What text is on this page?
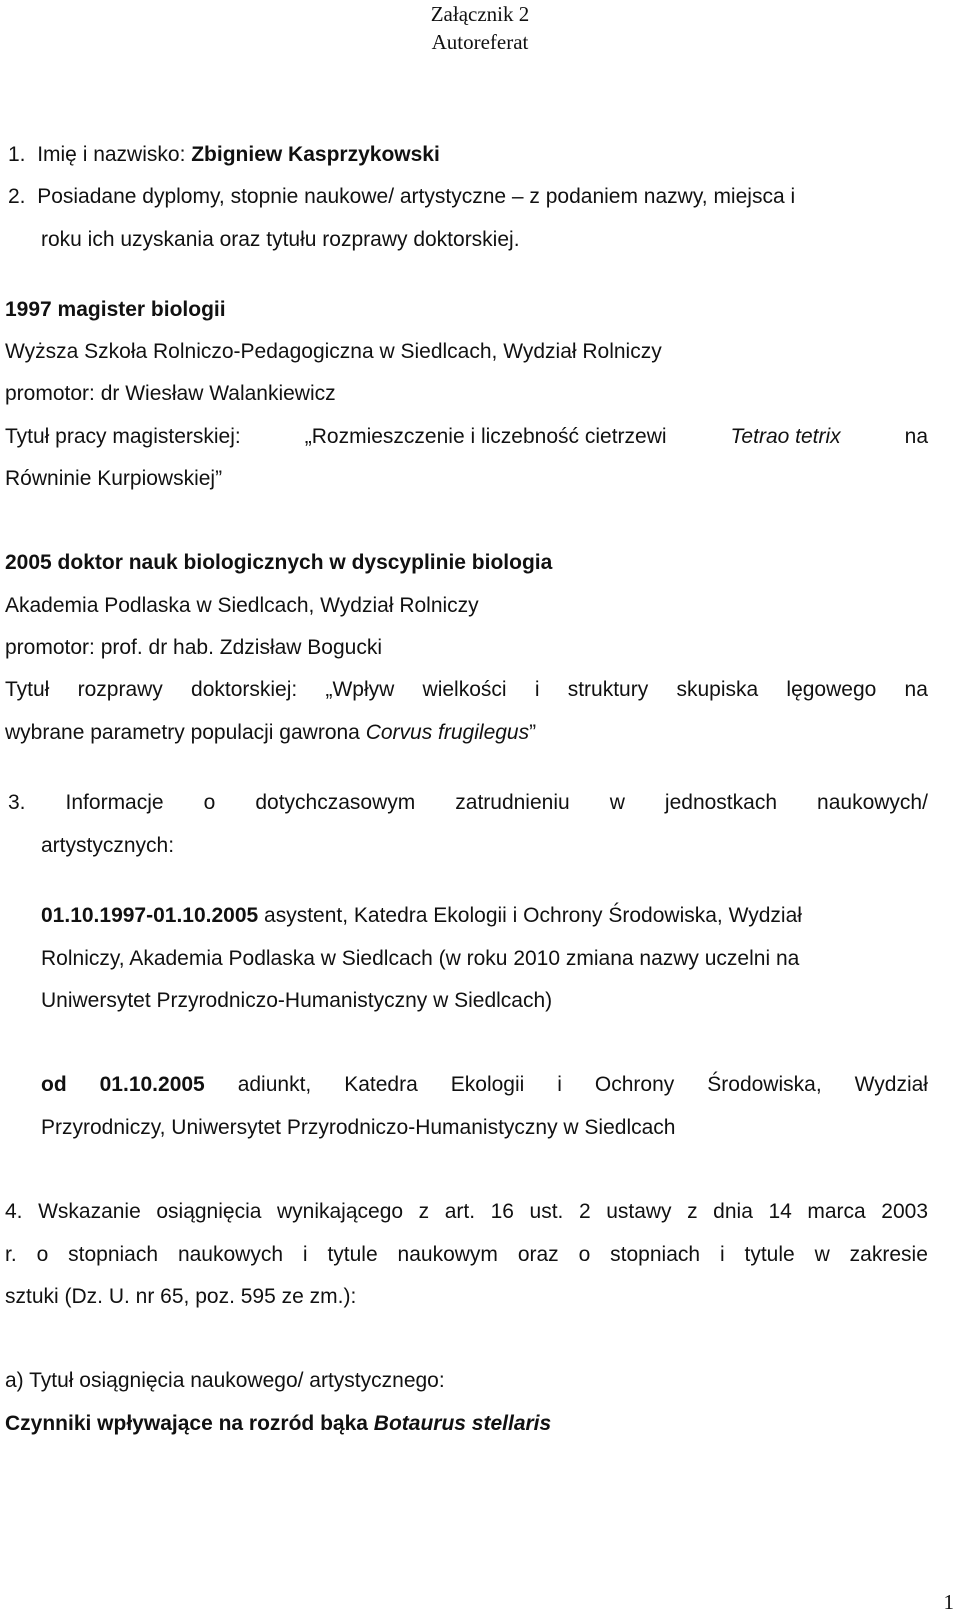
Załącznik 2
Autoreferat
1. Imię i nazwisko: Zbigniew Kasprzykowski
2. Posiadane dyplomy, stopnie naukowe/ artystyczne – z podaniem nazwy, miejsca i
roku ich uzyskania oraz tytułu rozprawy doktorskiej.
1997 magister biologii
Wyższa Szkoła Rolniczo-Pedagogiczna w Siedlcach, Wydział Rolniczy
promotor: dr Wiesław Walankiewicz
Tytuł pracy magisterskiej:	„Rozmieszczenie i liczebność cietrzewi	Tetrao tetrix	na
Równinie Kurpiowskiej”
2005 doktor nauk biologicznych w dyscyplinie biologia
Akademia Podlaska w Siedlcach, Wydział Rolniczy
promotor: prof. dr hab. Zdzisław Bogucki
Tytuł rozprawy doktorskiej: „Wpływ wielkości i struktury skupiska lęgowego na
wybrane parametry populacji gawrona Corvus frugilegus”
3. Informacje o dotychczasowym zatrudnieniu w jednostkach naukowych/
artystycznych:
01.10.1997-01.10.2005 asystent, Katedra Ekologii i Ochrony Środowiska, Wydział
Rolniczy, Akademia Podlaska w Siedlcach (w roku 2010 zmiana nazwy uczelni na
Uniwersytet Przyrodniczo-Humanistyczny w Siedlcach)
od 01.10.2005 adiunkt, Katedra Ekologii i Ochrony Środowiska, Wydział
Przyrodniczy, Uniwersytet Przyrodniczo-Humanistyczny w Siedlcach
4. Wskazanie osiągnięcia wynikającego z art. 16 ust. 2 ustawy z dnia 14 marca 2003
r. o stopniach naukowych i tytule naukowym oraz o stopniach i tytule w zakresie
sztuki (Dz. U. nr 65, poz. 595 ze zm.):
a) Tytuł osiągnięcia naukowego/ artystycznego:
Czynniki wpływające na rozród bąka Botaurus stellaris
1
